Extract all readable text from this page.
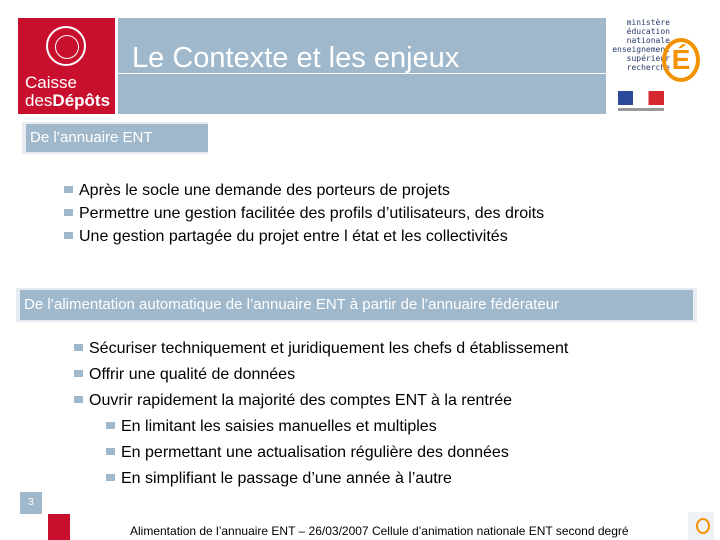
Caisse
desDépôts
Le Contexte et les enjeux
ministère
éducation
nationale
enseignement
supérieur
recherche É
De l’annuaire ENT
Après le socle une demande des porteurs de projets
Permettre une gestion facilitée des profils d’utilisateurs, des droits
Une gestion partagée du projet entre l état et les collectivités
De l’alimentation automatique de l’annuaire ENT à partir de l’annuaire fédérateur
Sécuriser techniquement et juridiquement les chefs d établissement
Offrir une qualité de données
Ouvrir rapidement la majorité des comptes ENT à la rentrée
En limitant les saisies manuelles et multiples
En permettant une actualisation régulière des données
En simplifiant le passage d’une année à l’autre
3
Alimentation de l’annuaire ENT – 26/03/2007 Cellule d’animation nationale ENT second degré
